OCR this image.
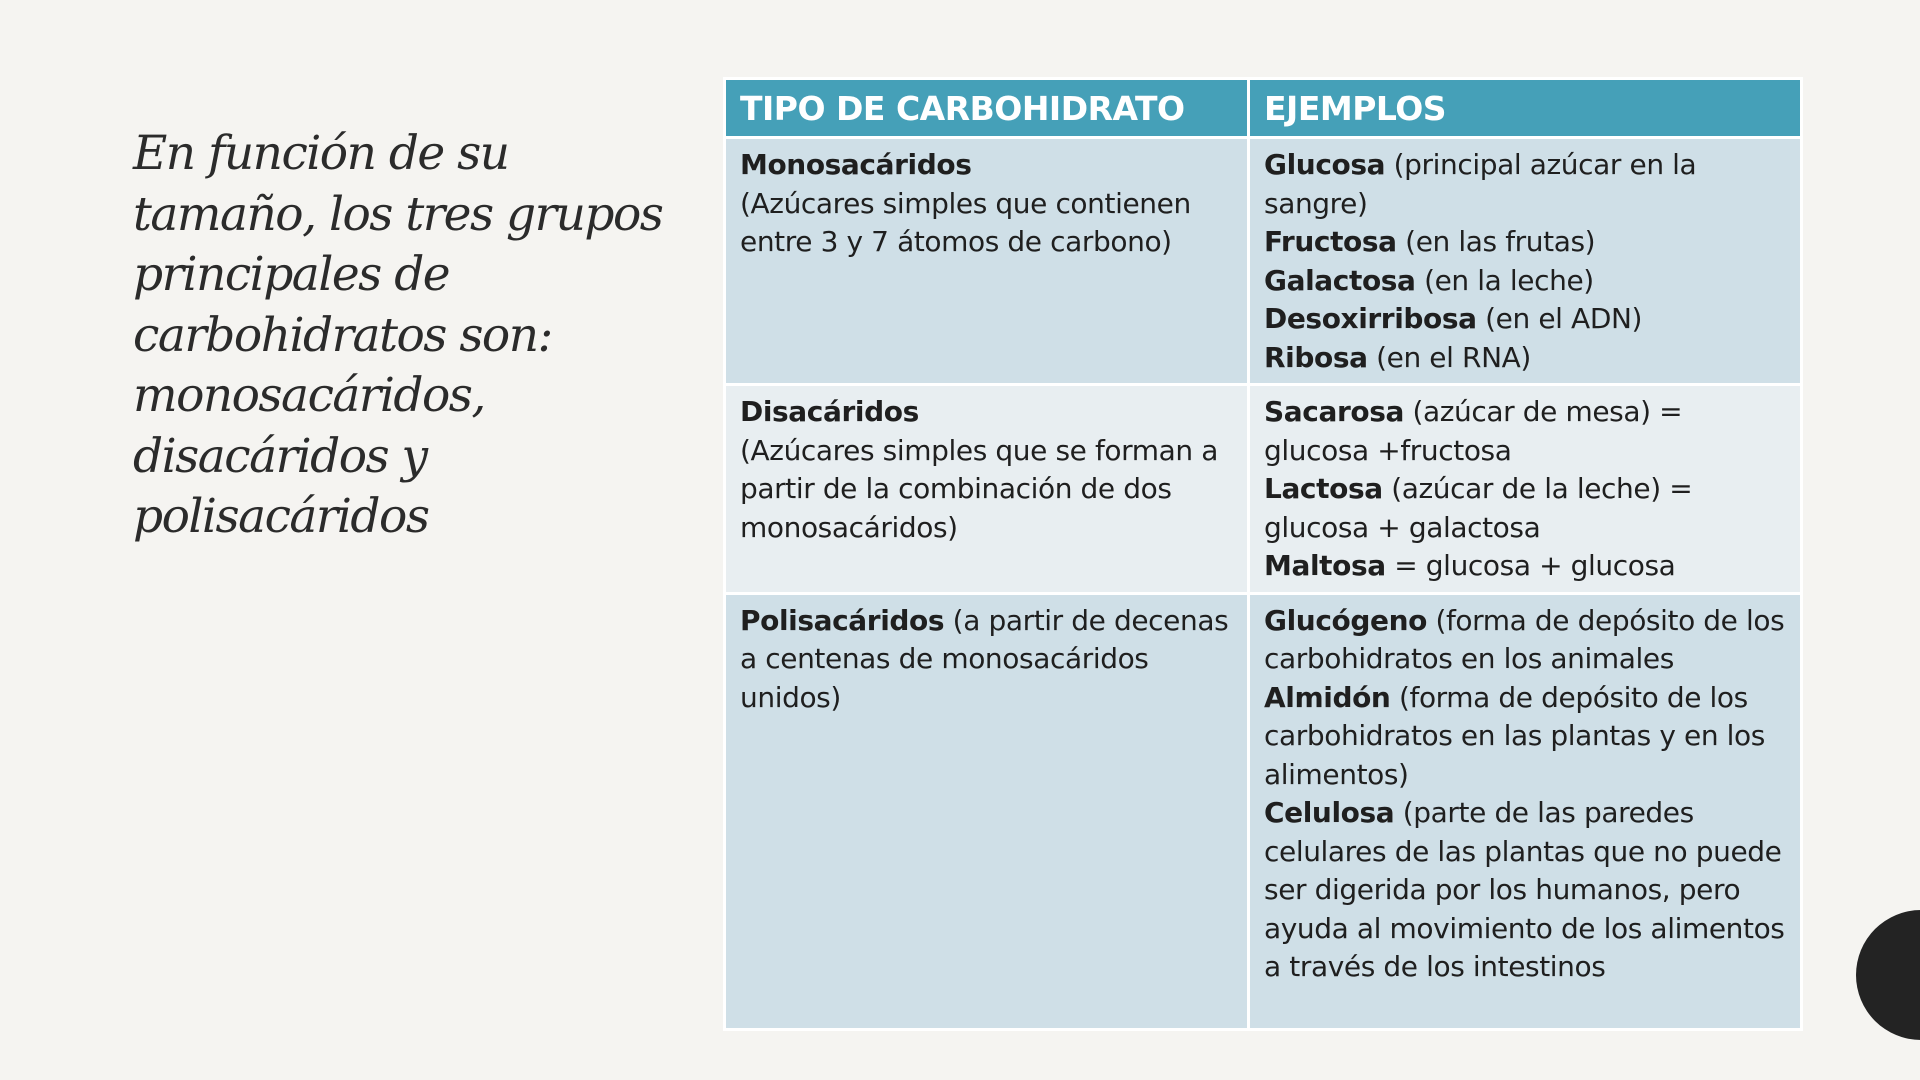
En función de su tamaño, los tres grupos principales de carbohidratos son: monosacáridos, disacáridos y polisacáridos
TIPO DE CARBOHIDRATO	EJEMPLOS

Monosacáridos
(Azúcares simples que contienen entre 3 y 7 átomos de carbono)	Glucosa (principal azúcar en la sangre)
Fructosa (en las frutas)
Galactosa (en la leche)
Desoxirribosa (en el ADN)
Ribosa (en el RNA)

Disacáridos
(Azúcares simples que se forman a partir de la combinación de dos monosacáridos)	Sacarosa (azúcar de mesa) = glucosa +fructosa
Lactosa (azúcar de la leche) = glucosa + galactosa
Maltosa = glucosa + glucosa

Polisacáridos (a partir de decenas a centenas de monosacáridos unidos)	Glucógeno (forma de depósito de los carbohidratos en los animales
Almidón (forma de depósito de los carbohidratos en las plantas y en los alimentos)
Celulosa (parte de las paredes celulares de las plantas que no puede ser digerida por los humanos, pero ayuda al movimiento de los alimentos a través de los intestinos
